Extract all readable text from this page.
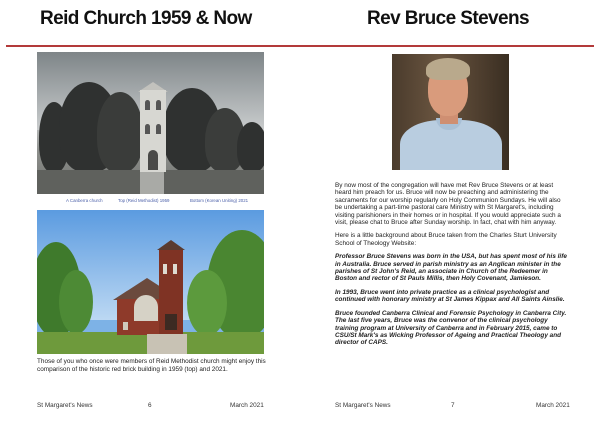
Reid Church 1959 & Now
A Canberra church	Top (Reid Methodist) 1959	Bottom (Korean Uniting) 2021
Those of you who once were members of Reid Methodist church might enjoy this comparison of the historic red brick building in 1959 (top) and 2021.
St Margaret's News	6	March 2021
Rev Bruce Stevens

By now most of the congregation will have met Rev Bruce Stevens or at least heard him preach for us. Bruce will now be preaching and administering the sacraments for our worship regularly on Holy Communion Sundays. He will also be undertaking a part-time pastoral care Ministry with St Margaret's, including visiting parishioners in their homes or in hospital. If you would appreciate such a visit, please chat to Bruce after Sunday worship. In fact, chat with him anyway.

Here is a little background about Bruce taken from the Charles Sturt University School of Theology Website:

Professor Bruce Stevens was born in the USA, but has spent most of his life in Australia. Bruce served in parish ministry as an Anglican minister in the parishes of St John's Reid, an associate in Church of the Redeemer in Boston and rector of St Pauls Millis, then Holy Covenant, Jamieson.

In 1993, Bruce went into private practice as a clinical psychologist and continued with honorary ministry at St James Kippax and All Saints Ainslie.

Bruce founded Canberra Clinical and Forensic Psychology in Canberra City. The last five years, Bruce was the convenor of the clinical psychology training program at University of Canberra and in February 2015, came to CSU/St Mark's as Wicking Professor of Ageing and Practical Theology and director of CAPS.

St Margaret's News	7	March 2021
